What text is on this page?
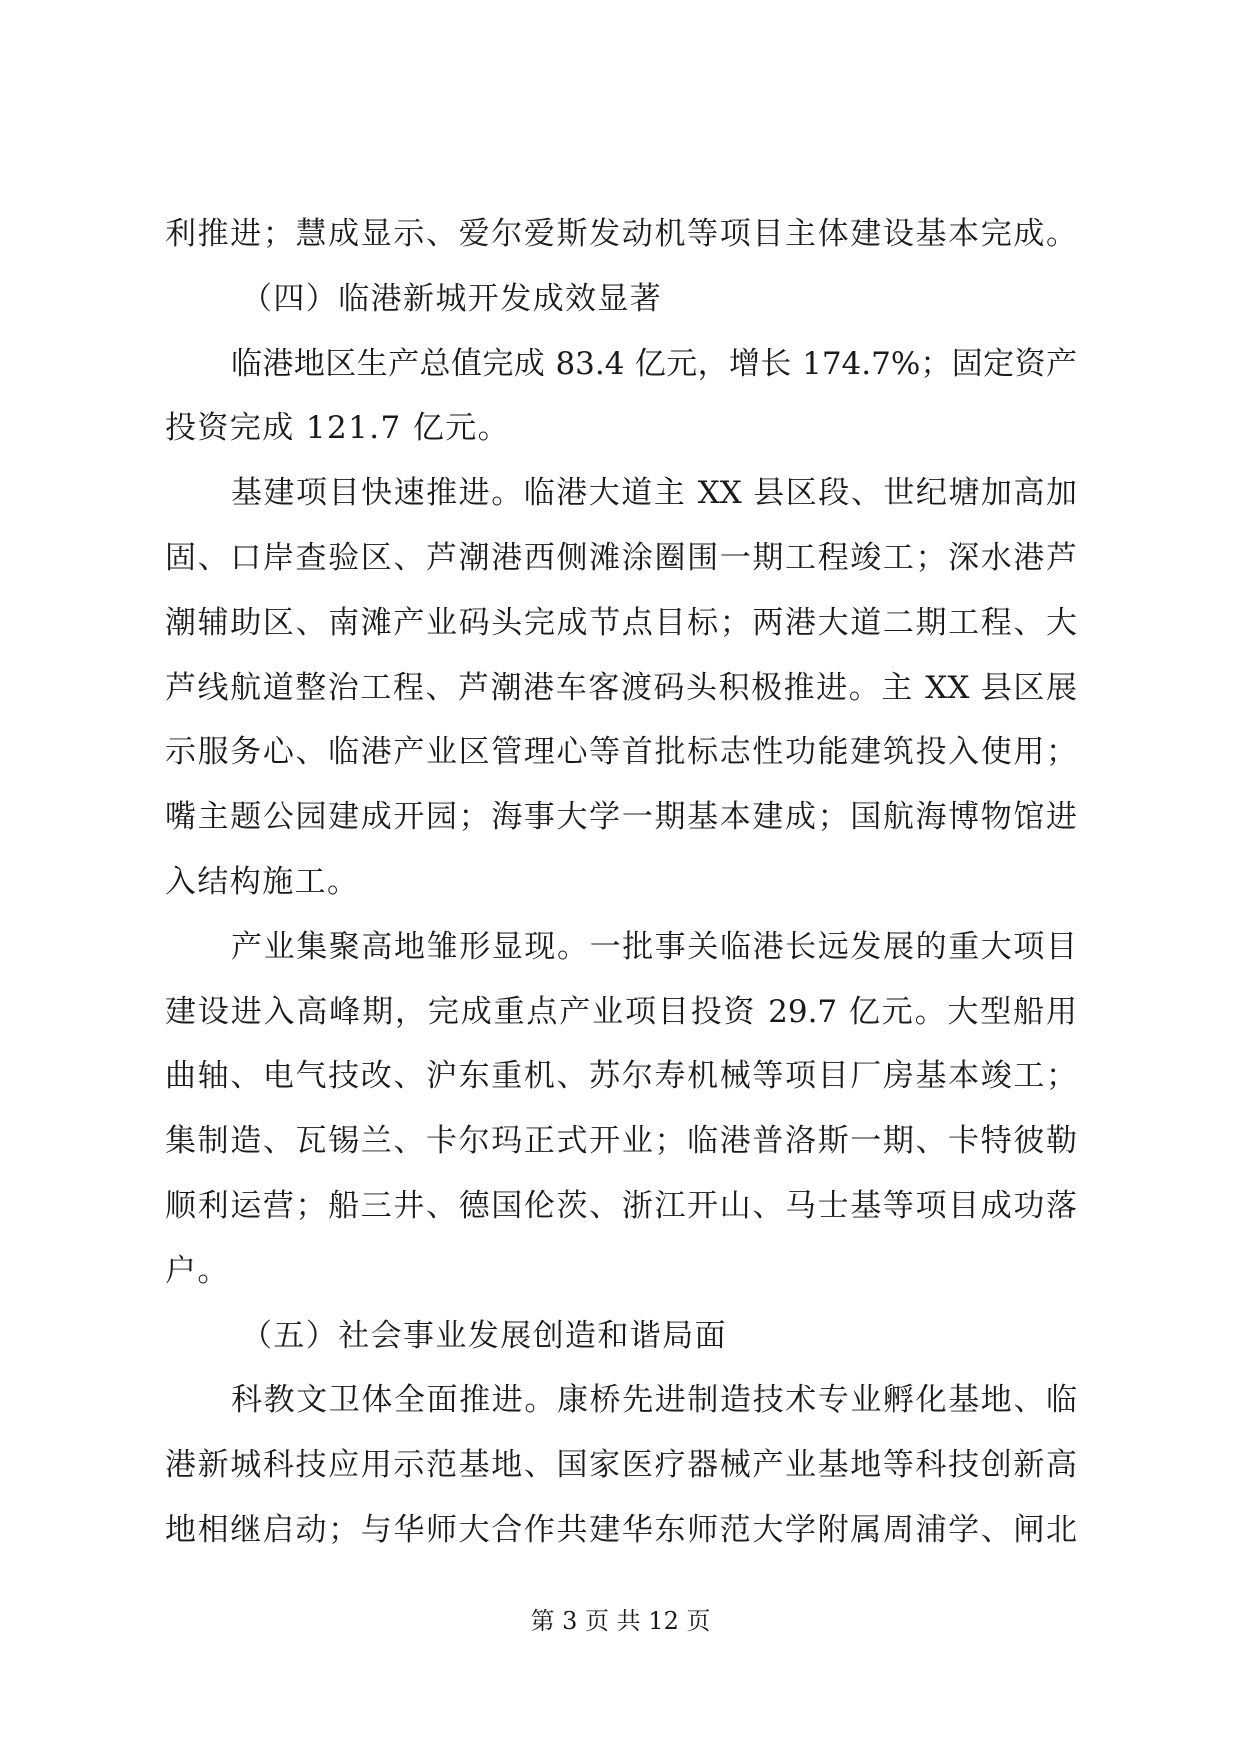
利推进；慧成显示、爱尔爱斯发动机等项目主体建设基本完成。
（四）临港新城开发成效显著
临港地区生产总值完成 83.4 亿元，增长 174.7%；固定资产
投资完成 121.7 亿元。
基建项目快速推进。临港大道主 XX 县区段、世纪塘加高加
固、口岸查验区、芦潮港西侧滩涂圈围一期工程竣工；深水港芦
潮辅助区、南滩产业码头完成节点目标；两港大道二期工程、大
芦线航道整治工程、芦潮港车客渡码头积极推进。主 XX 县区展
示服务心、临港产业区管理心等首批标志性功能建筑投入使用；
嘴主题公园建成开园；海事大学一期基本建成；国航海博物馆进
入结构施工。
产业集聚高地雏形显现。一批事关临港长远发展的重大项目
建设进入高峰期，完成重点产业项目投资 29.7 亿元。大型船用
曲轴、电气技改、沪东重机、苏尔寿机械等项目厂房基本竣工；
集制造、瓦锡兰、卡尔玛正式开业；临港普洛斯一期、卡特彼勒
顺利运营；船三井、德国伦茨、浙江开山、马士基等项目成功落
户。
（五）社会事业发展创造和谐局面
科教文卫体全面推进。康桥先进制造技术专业孵化基地、临
港新城科技应用示范基地、国家医疗器械产业基地等科技创新高
地相继启动；与华师大合作共建华东师范大学附属周浦学、闸北
第 3 页 共 12 页
